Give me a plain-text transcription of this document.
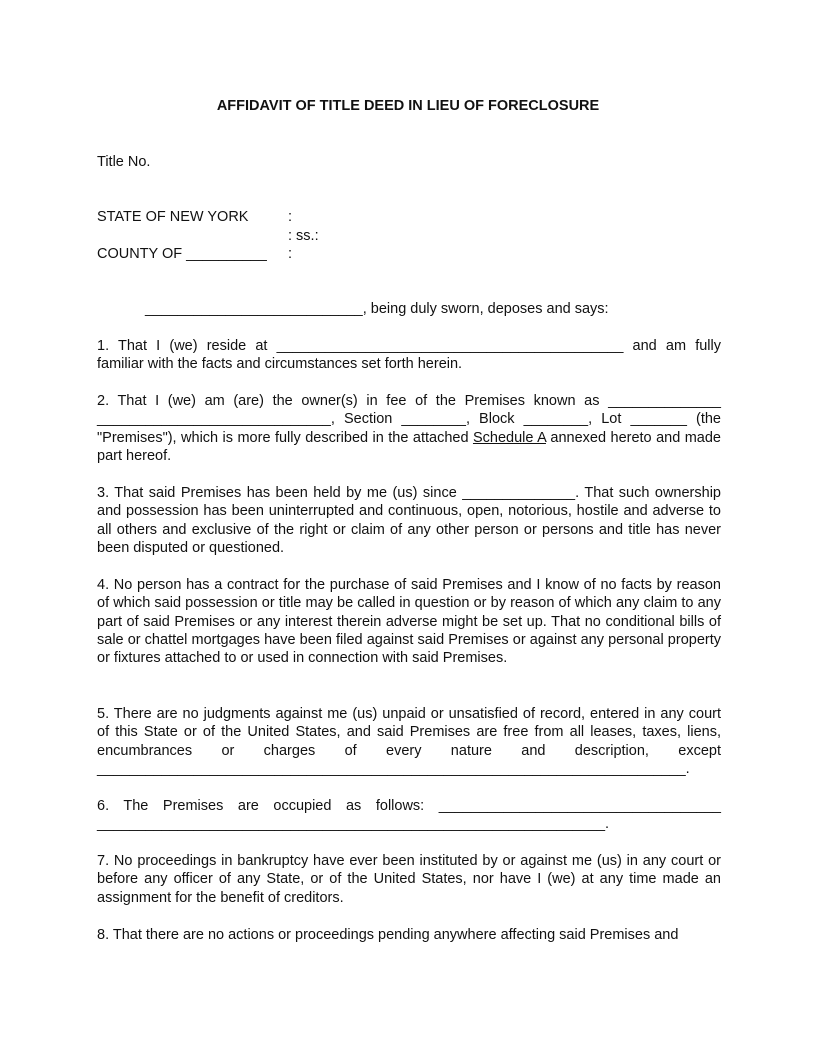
AFFIDAVIT OF TITLE DEED IN LIEU OF FORECLOSURE
Title No.
STATE OF NEW YORK	:
: ss.:
COUNTY OF __________ :
___________________________, being duly sworn, deposes and says:
1. That I (we) reside at ___________________________________________ and am fully familiar with the facts and circumstances set forth herein.
2. That I (we) am (are) the owner(s) in fee of the Premises known as ______________ _____________________________, Section ________, Block ________, Lot _______ (the "Premises"), which is more fully described in the attached Schedule A annexed hereto and made part hereof.
3. That said Premises has been held by me (us) since ______________. That such ownership and possession has been uninterrupted and continuous, open, notorious, hostile and adverse to all others and exclusive of the right or claim of any other person or persons and title has never been disputed or questioned.
4. No person has a contract for the purchase of said Premises and I know of no facts by reason of which said possession or title may be called in question or by reason of which any claim to any part of said Premises or any interest therein adverse might be set up. That no conditional bills of sale or chattel mortgages have been filed against said Premises or against any personal property or fixtures attached to or used in connection with said Premises.
5. There are no judgments against me (us) unpaid or unsatisfied of record, entered in any court of this State or of the United States, and said Premises are free from all leases, taxes, liens, encumbrances or charges of every nature and description, except _________________________________________________________________________.
6. The Premises are occupied as follows: ___________________________________ _______________________________________________________________.
7. No proceedings in bankruptcy have ever been instituted by or against me (us) in any court or before any officer of any State, or of the United States, nor have I (we) at any time made an assignment for the benefit of creditors.
8. That there are no actions or proceedings pending anywhere affecting said Premises and
